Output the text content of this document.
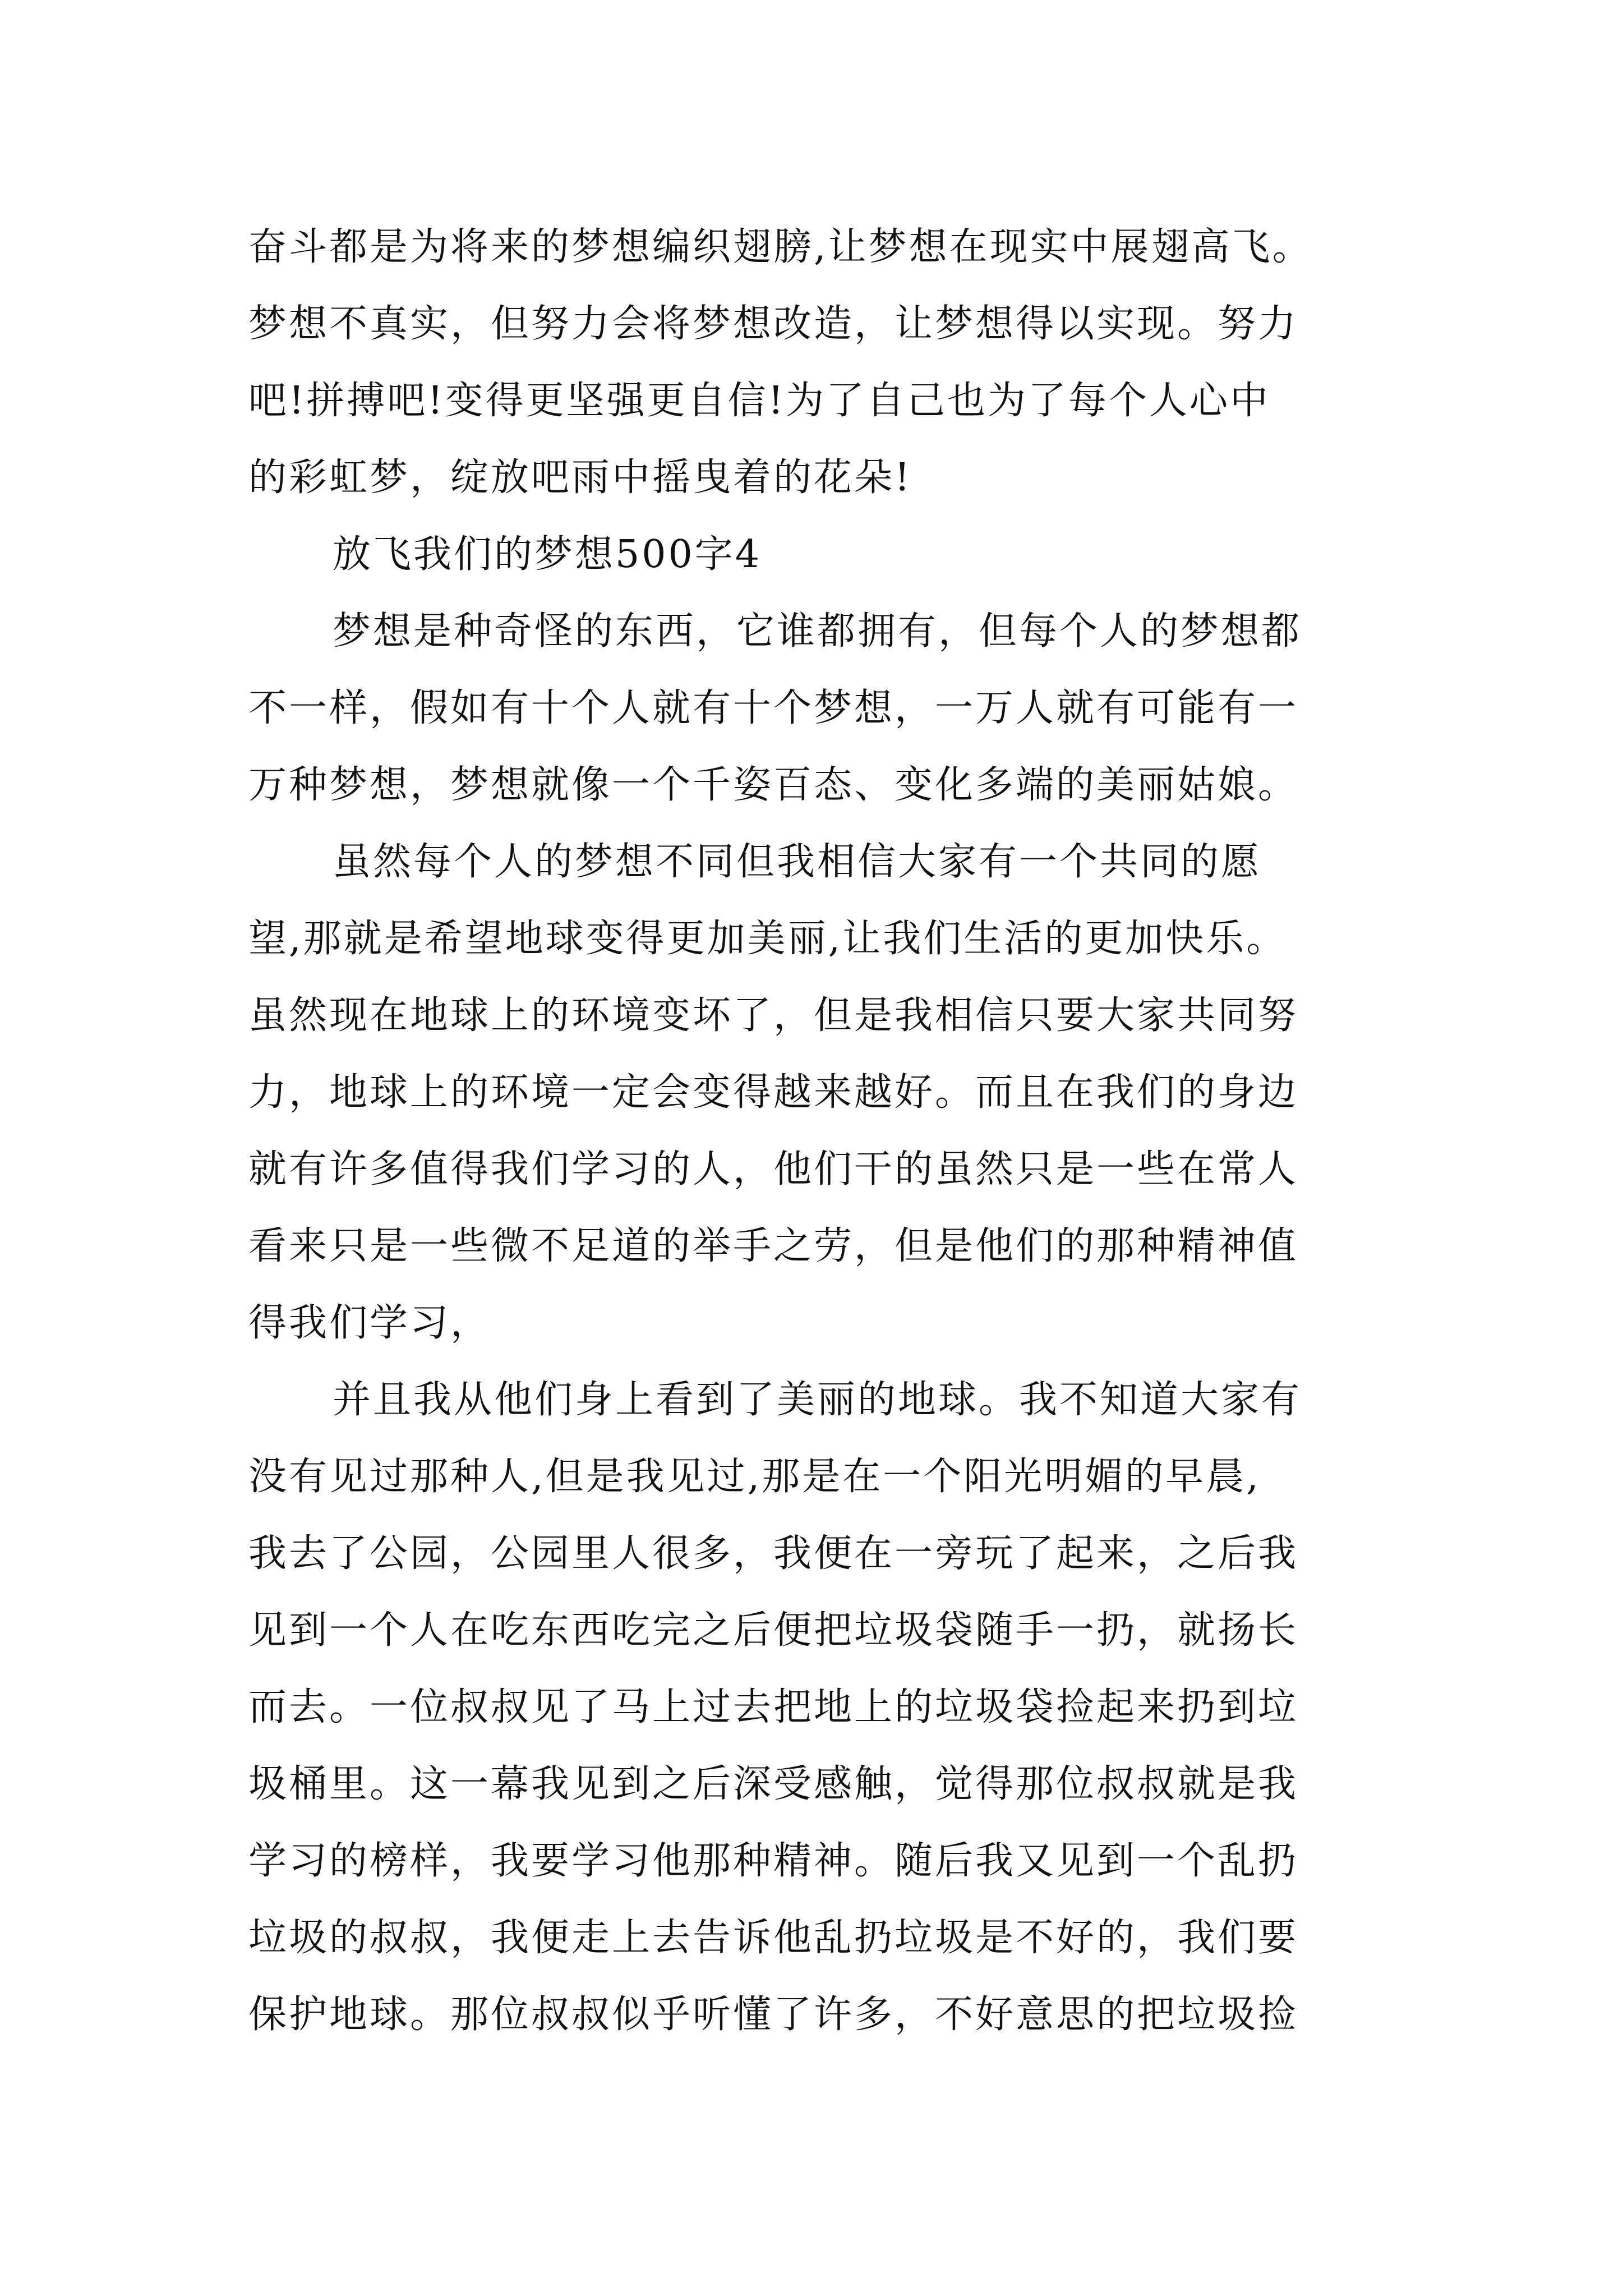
奋斗都是为将来的梦想编织翅膀,让梦想在现实中展翅高飞。
梦想不真实，但努力会将梦想改造，让梦想得以实现。努力
吧!拼搏吧!变得更坚强更自信!为了自己也为了每个人心中
的彩虹梦，绽放吧雨中摇曳着的花朵!
放飞我们的梦想500字4
梦想是种奇怪的东西，它谁都拥有，但每个人的梦想都
不一样，假如有十个人就有十个梦想，一万人就有可能有一
万种梦想，梦想就像一个千姿百态、变化多端的美丽姑娘。
虽然每个人的梦想不同但我相信大家有一个共同的愿
望,那就是希望地球变得更加美丽,让我们生活的更加快乐。
虽然现在地球上的环境变坏了，但是我相信只要大家共同努
力，地球上的环境一定会变得越来越好。而且在我们的身边
就有许多值得我们学习的人，他们干的虽然只是一些在常人
看来只是一些微不足道的举手之劳，但是他们的那种精神值
得我们学习，
并且我从他们身上看到了美丽的地球。我不知道大家有
没有见过那种人,但是我见过,那是在一个阳光明媚的早晨,
我去了公园，公园里人很多，我便在一旁玩了起来，之后我
见到一个人在吃东西吃完之后便把垃圾袋随手一扔，就扬长
而去。一位叔叔见了马上过去把地上的垃圾袋捡起来扔到垃
圾桶里。这一幕我见到之后深受感触，觉得那位叔叔就是我
学习的榜样，我要学习他那种精神。随后我又见到一个乱扔
垃圾的叔叔，我便走上去告诉他乱扔垃圾是不好的，我们要
保护地球。那位叔叔似乎听懂了许多，不好意思的把垃圾捡
